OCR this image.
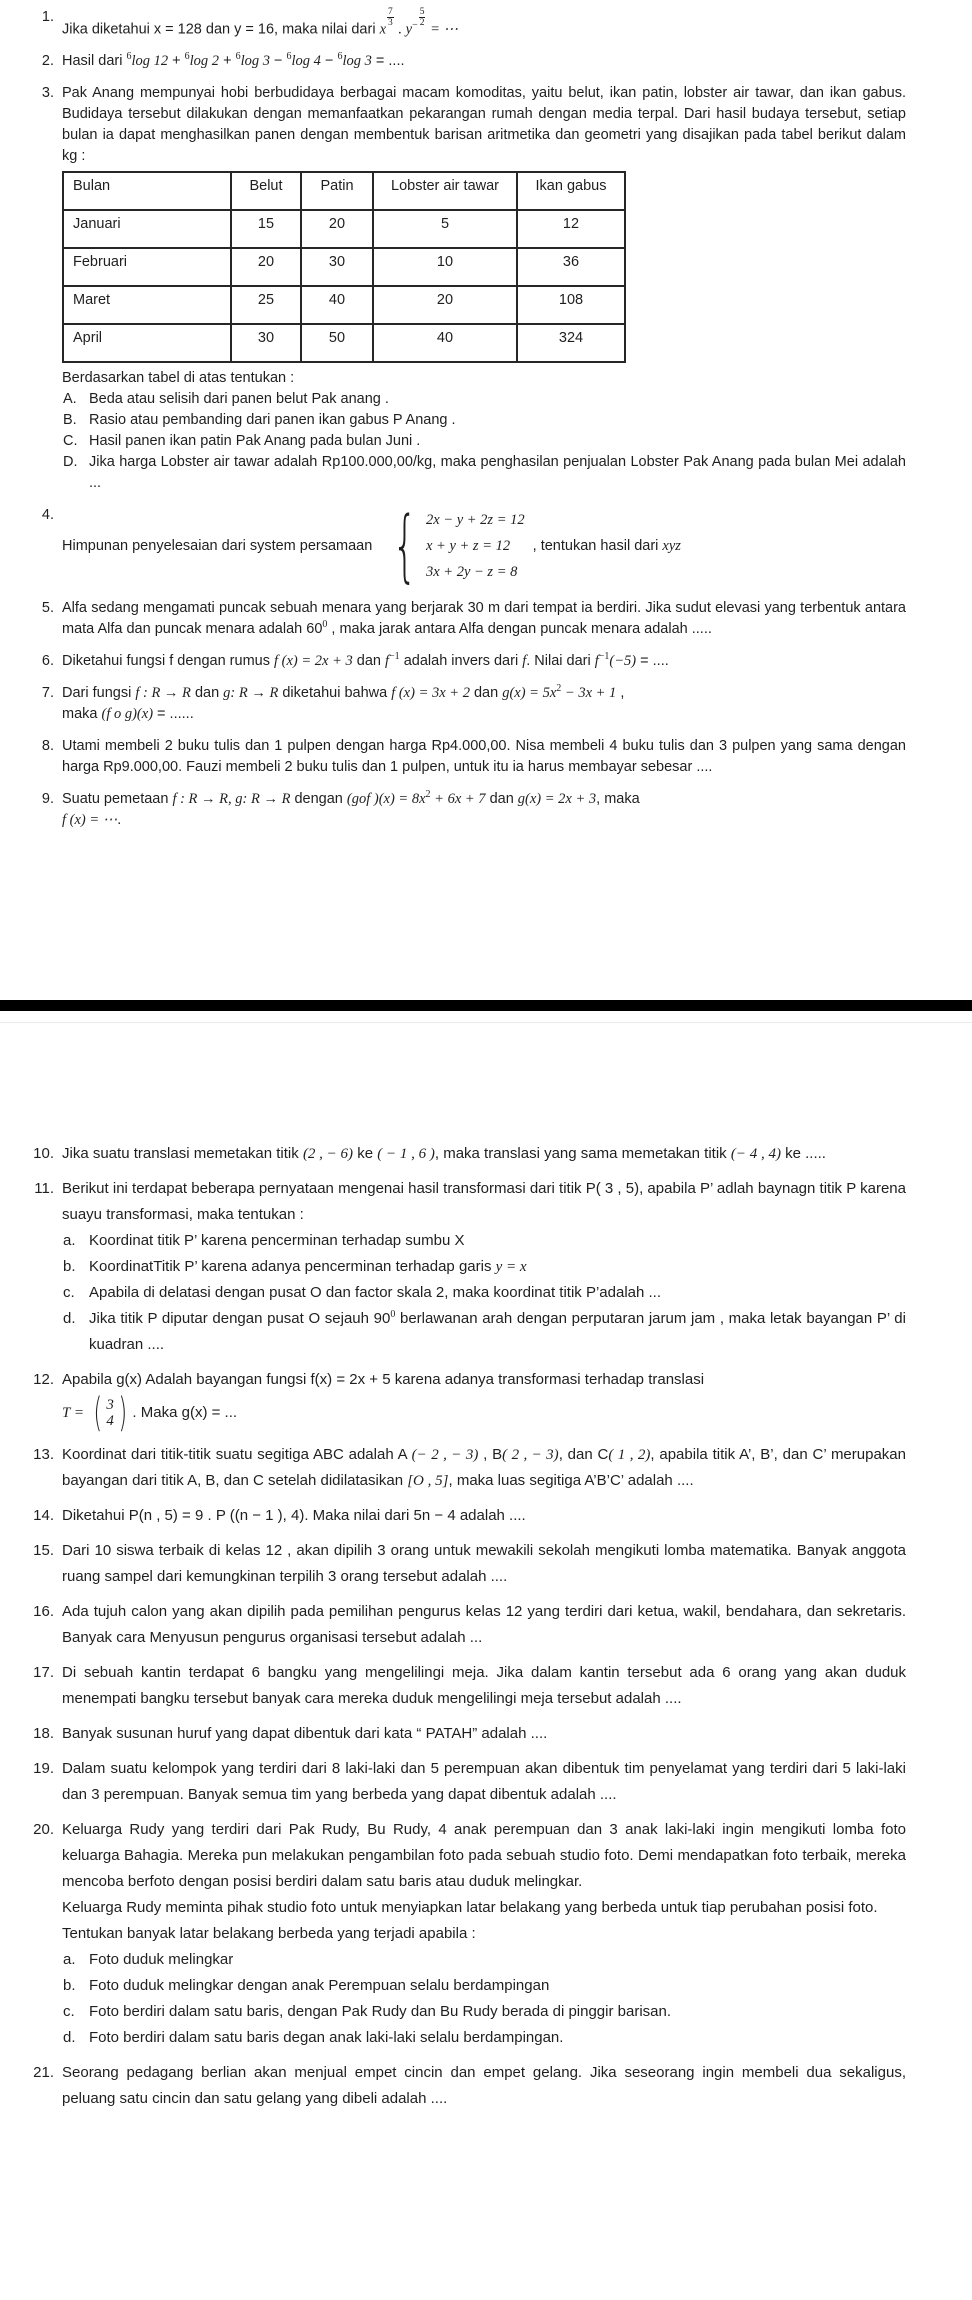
1.
Jika diketahui x = 128 dan y = 16, maka nilai dari x
$\frac{7}{3}$
. $y^- \frac{5}{2}$
= ⋯
2. Hasil dari $^6$log 12 + $^6$log 2 + $^6$log 3 − $^6$log 4 − $^6$log 3 = ....
3. Pak Anang mempunyai hobi berbudidaya berbagai macam komoditas, yaitu belut, ikan patin, lobster air tawar, dan ikan gabus. Budidaya tersebut dilakukan dengan memanfaatkan pekarangan rumah dengan media terpal. Dari hasil budaya tersebut, setiap bulan ia dapat menghasilkan panen dengan membentuk barisan aritmetika dan geometri yang disajikan pada tabel berikut dalam kg :
Bulan	Belut	Patin	Lobster air tawar	Ikan gabus
Januari	15	20	5	12
Februari	20	30	10	36
Maret	25	40	20	108
April	30	50	40	324
Berdasarkan tabel di atas tentukan :
A. Beda atau selisih dari panen belut Pak anang .
B. Rasio atau pembanding dari panen ikan gabus P Anang .
C. Hasil panen ikan patin Pak Anang pada bulan Juni .
D. Jika harga Lobster air tawar adalah Rp100.000,00/kg, maka penghasilan penjualan Lobster Pak Anang pada bulan Mei adalah ...
4.
Himpunan penyelesaian dari system persamaan { 2x − y + 2z = 12
x + y + z = 12
3x + 2y − z = 8
, tentukan hasil dari xyz
5. Alfa sedang mengamati puncak sebuah menara yang berjarak 30 m dari tempat ia berdiri. Jika sudut elevasi yang terbentuk antara mata Alfa dan puncak menara adalah $60^0$ , maka jarak antara Alfa dengan puncak menara adalah .....
6. Diketahui fungsi f dengan rumus f (x) = 2x + 3 dan $f^{-1}$ adalah invers dari f. Nilai dari $f^{-1}(-5)$ = ....
7. Dari fungsi f : R → R dan g: R → R diketahui bahwa f (x) = 3x + 2 dan $g(x) = 5x^2 - 3x + 1$ ,
maka (f o g)(x) = ......
8. Utami membeli 2 buku tulis dan 1 pulpen dengan harga Rp4.000,00. Nisa membeli 4 buku tulis dan 3 pulpen yang sama dengan harga Rp9.000,00. Fauzi membeli 2 buku tulis dan 1 pulpen, untuk itu ia harus membayar sebesar ....
9. Suatu pemetaan f : R → R, g: R → R dengan (gof )$(x) = 8x^2 + 6x + 7$ dan g(x) = 2x + 3, maka
f (x) = ⋯.
10. Jika suatu translasi memetakan titik (2 , − 6) ke ( − 1 , 6 ), maka translasi yang sama memetakan titik (− 4 , 4) ke .....
11. Berikut ini terdapat beberapa pernyataan mengenai hasil transformasi dari titik P( 3 , 5), apabila P’ adlah baynagn titik P karena suayu transformasi, maka tentukan :
a. Koordinat titik P’ karena pencerminan terhadap sumbu X
b. KoordinatTitik P’ karena adanya pencerminan terhadap garis y = x
c. Apabila di delatasi dengan pusat O dan factor skala 2, maka koordinat titik P’adalah ...
d. Jika titik P diputar dengan pusat O sejauh $90^0$ berlawanan arah dengan perputaran jarum jam , maka letak bayangan P’ di kuadran ....
12. Apabila g(x) Adalah bayangan fungsi f(x) = 2x + 5 karena adanya transformasi terhadap translasi
T = ( 3
4 ) . Maka g(x) = ...
13. Koordinat dari titik-titik suatu segitiga ABC adalah A (− 2 , − 3) , B( 2 , − 3), dan C( 1 , 2), apabila titik A’, B’, dan C’ merupakan bayangan dari titik A, B, dan C setelah didilatasikan [O , 5], maka luas segitiga A’B’C’ adalah ....
14. Diketahui P(n , 5) = 9 . P ((n − 1 ), 4). Maka nilai dari 5n − 4 adalah ....
15. Dari 10 siswa terbaik di kelas 12 , akan dipilih 3 orang untuk mewakili sekolah mengikuti lomba matematika. Banyak anggota ruang sampel dari kemungkinan terpilih 3 orang tersebut adalah ....
16. Ada tujuh calon yang akan dipilih pada pemilihan pengurus kelas 12 yang terdiri dari ketua, wakil, bendahara, dan sekretaris. Banyak cara Menyusun pengurus organisasi tersebut adalah ...
17. Di sebuah kantin terdapat 6 bangku yang mengelilingi meja. Jika dalam kantin tersebut ada 6 orang yang akan duduk menempati bangku tersebut banyak cara mereka duduk mengelilingi meja tersebut adalah ....
18. Banyak susunan huruf yang dapat dibentuk dari kata “ PATAH” adalah ....
19. Dalam suatu kelompok yang terdiri dari 8 laki-laki dan 5 perempuan akan dibentuk tim penyelamat yang terdiri dari 5 laki-laki dan 3 perempuan. Banyak semua tim yang berbeda yang dapat dibentuk adalah ....
20. Keluarga Rudy yang terdiri dari Pak Rudy, Bu Rudy, 4 anak perempuan dan 3 anak laki-laki ingin mengikuti lomba foto keluarga Bahagia. Mereka pun melakukan pengambilan foto pada sebuah studio foto. Demi mendapatkan foto terbaik, mereka mencoba berfoto dengan posisi berdiri dalam satu baris atau duduk melingkar.
Keluarga Rudy meminta pihak studio foto untuk menyiapkan latar belakang yang berbeda untuk tiap perubahan posisi foto.
Tentukan banyak latar belakang berbeda yang terjadi apabila :
a. Foto duduk melingkar
b. Foto duduk melingkar dengan anak Perempuan selalu berdampingan
c. Foto berdiri dalam satu baris, dengan Pak Rudy dan Bu Rudy berada di pinggir barisan.
d. Foto berdiri dalam satu baris degan anak laki-laki selalu berdampingan.
21. Seorang pedagang berlian akan menjual empet cincin dan empet gelang. Jika seseorang ingin membeli dua sekaligus, peluang satu cincin dan satu gelang yang dibeli adalah ....
